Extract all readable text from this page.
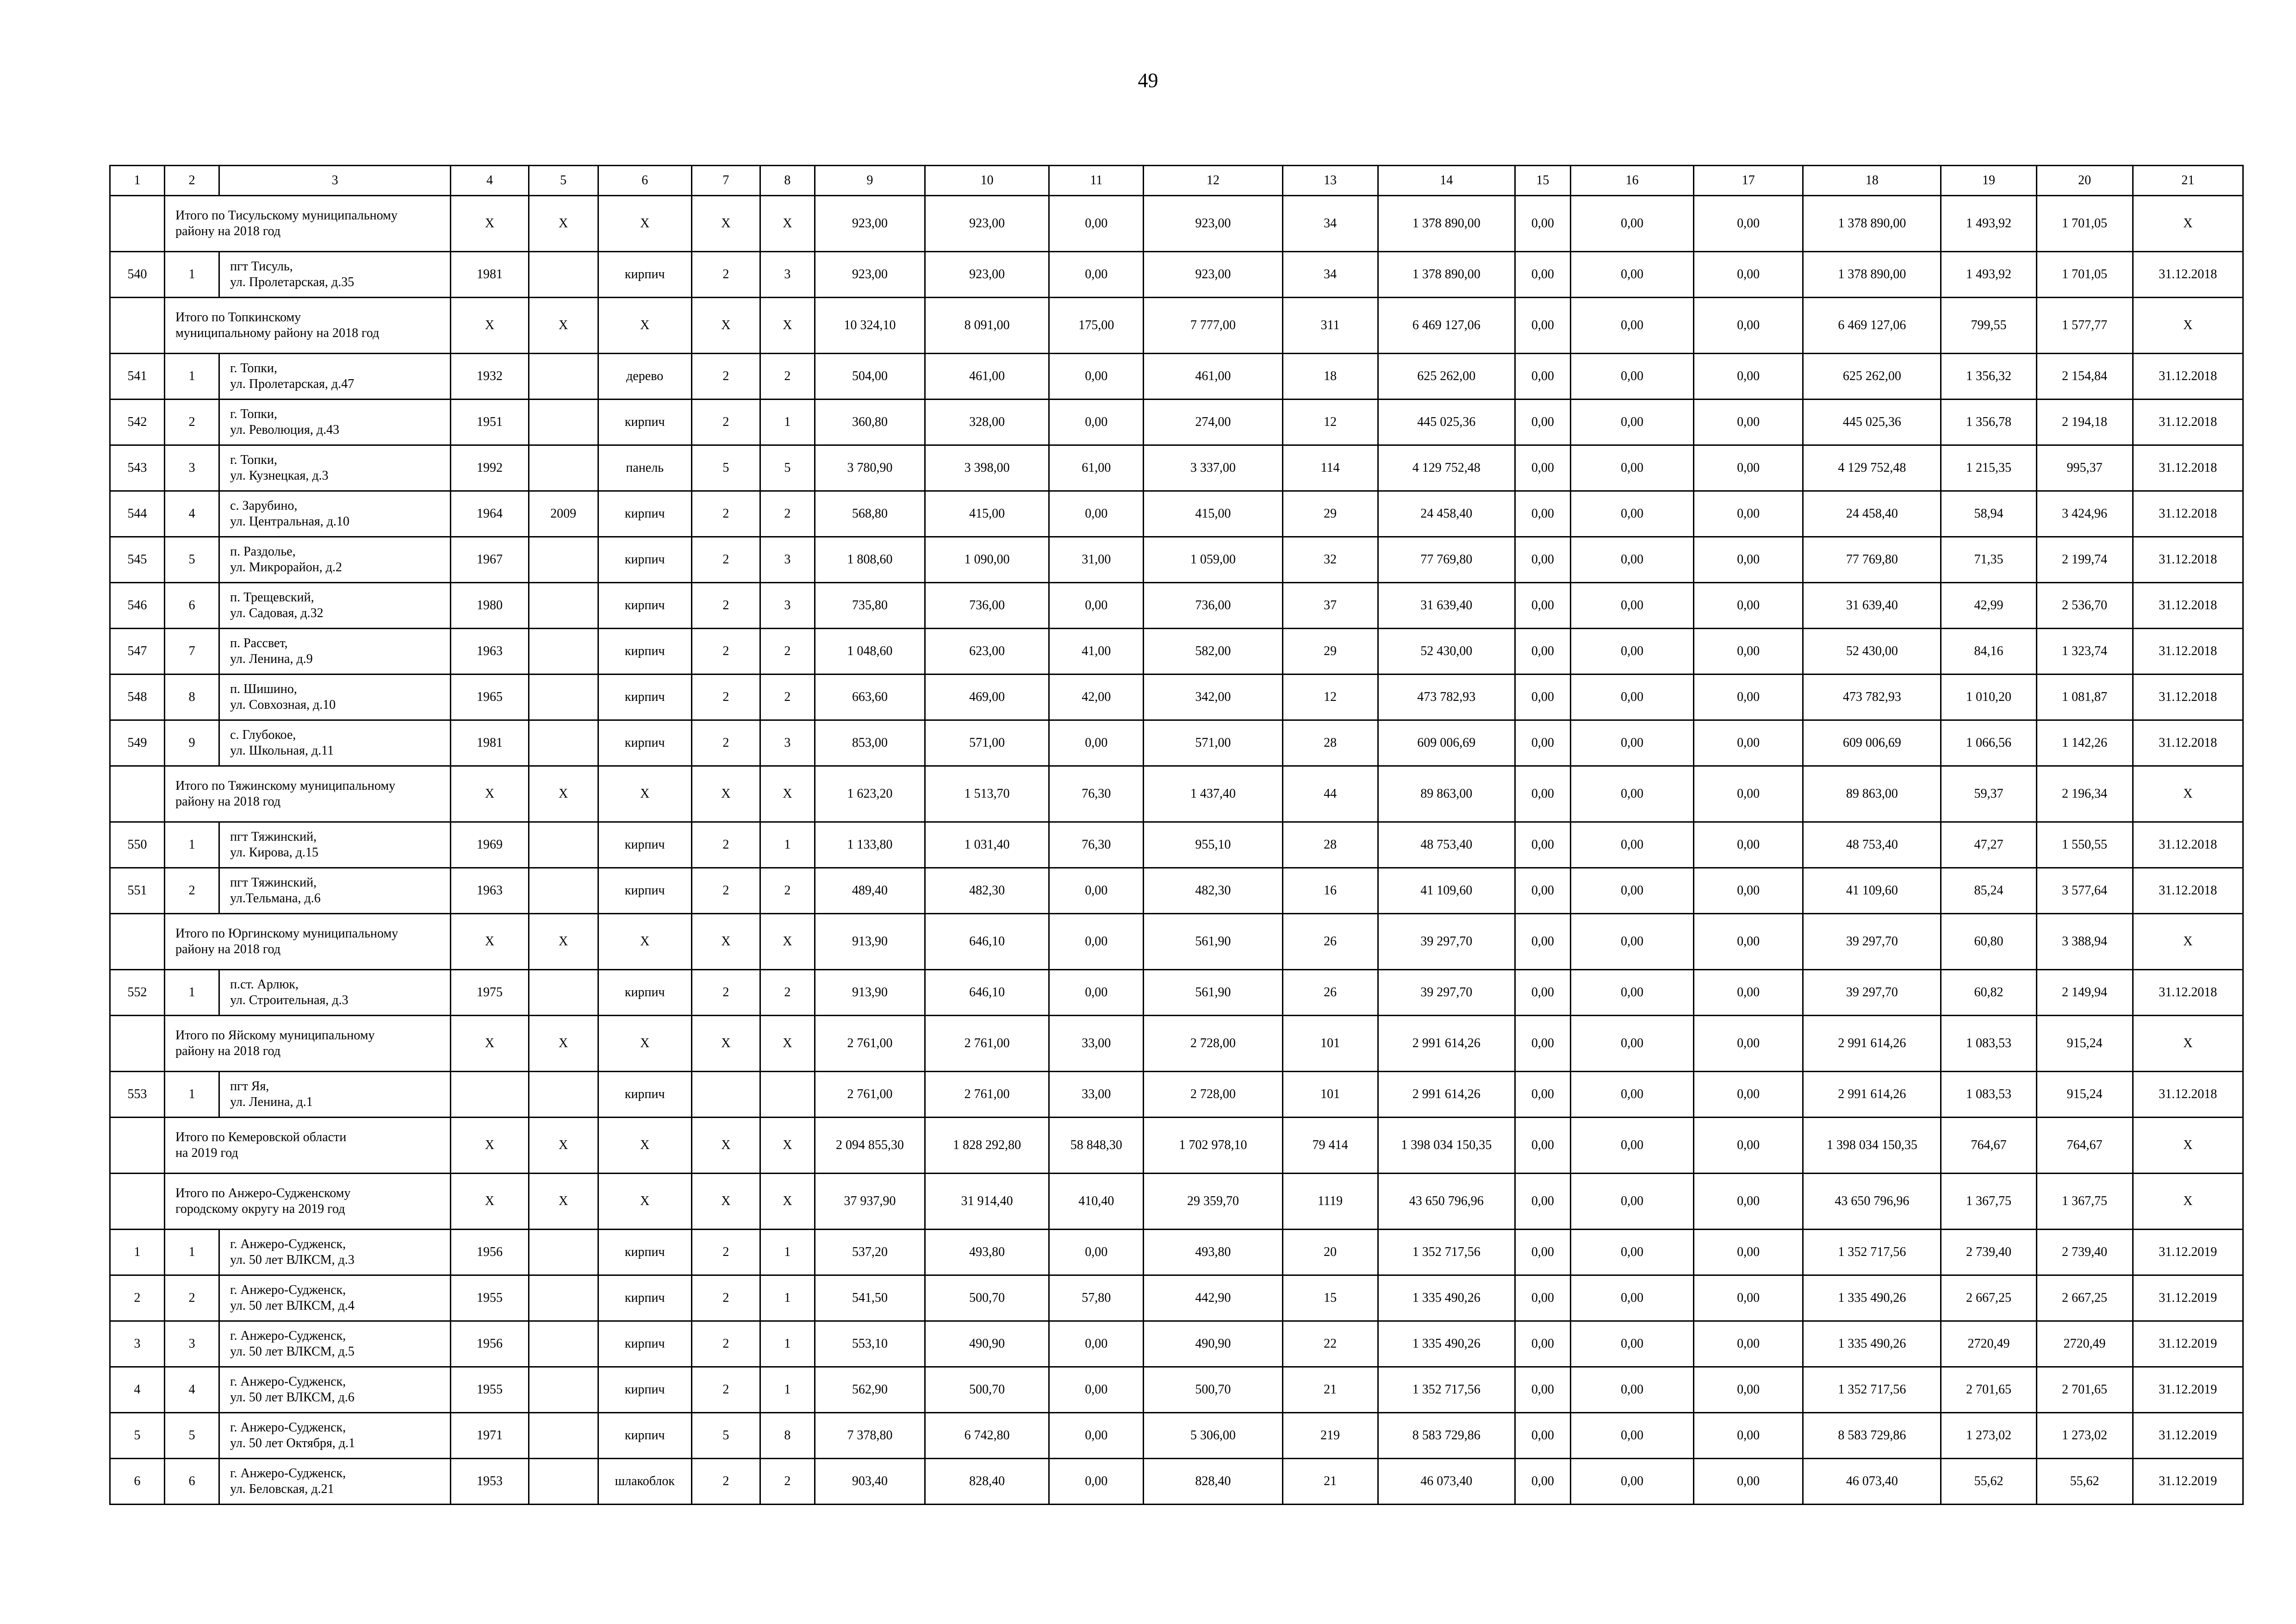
49
1	2	3	4	5	6	7	8	9	10	11	12	13	14	15	16	17	18	19	20	21
	Итого по Тисульскому муниципальному
району на 2018 год		X	X	X	X	X	923,00	923,00	0,00	923,00	34	1 378 890,00	0,00	0,00	0,00	1 378 890,00	1 493,92	1 701,05	X
540	1	пгт Тисуль,
ул. Пролетарская, д.35	1981		кирпич	2	3	923,00	923,00	0,00	923,00	34	1 378 890,00	0,00	0,00	0,00	1 378 890,00	1 493,92	1 701,05	31.12.2018
	Итого по Топкинскому
муниципальному району на 2018 год		X	X	X	X	X	10 324,10	8 091,00	175,00	7 777,00	311	6 469 127,06	0,00	0,00	0,00	6 469 127,06	799,55	1 577,77	X
541	1	г. Топки,
ул. Пролетарская, д.47	1932		дерево	2	2	504,00	461,00	0,00	461,00	18	625 262,00	0,00	0,00	0,00	625 262,00	1 356,32	2 154,84	31.12.2018
542	2	г. Топки,
ул. Революция, д.43	1951		кирпич	2	1	360,80	328,00	0,00	274,00	12	445 025,36	0,00	0,00	0,00	445 025,36	1 356,78	2 194,18	31.12.2018
543	3	г. Топки,
ул. Кузнецкая, д.3	1992		панель	5	5	3 780,90	3 398,00	61,00	3 337,00	114	4 129 752,48	0,00	0,00	0,00	4 129 752,48	1 215,35	995,37	31.12.2018
544	4	с. Зарубино,
ул. Центральная, д.10	1964	2009	кирпич	2	2	568,80	415,00	0,00	415,00	29	24 458,40	0,00	0,00	0,00	24 458,40	58,94	3 424,96	31.12.2018
545	5	п. Раздолье,
ул. Микрорайон, д.2	1967		кирпич	2	3	1 808,60	1 090,00	31,00	1 059,00	32	77 769,80	0,00	0,00	0,00	77 769,80	71,35	2 199,74	31.12.2018
546	6	п. Трещевский,
ул. Садовая, д.32	1980		кирпич	2	3	735,80	736,00	0,00	736,00	37	31 639,40	0,00	0,00	0,00	31 639,40	42,99	2 536,70	31.12.2018
547	7	п. Рассвет,
ул. Ленина, д.9	1963		кирпич	2	2	1 048,60	623,00	41,00	582,00	29	52 430,00	0,00	0,00	0,00	52 430,00	84,16	1 323,74	31.12.2018
548	8	п. Шишино,
ул. Совхозная, д.10	1965		кирпич	2	2	663,60	469,00	42,00	342,00	12	473 782,93	0,00	0,00	0,00	473 782,93	1 010,20	1 081,87	31.12.2018
549	9	с. Глубокое,
ул. Школьная, д.11	1981		кирпич	2	3	853,00	571,00	0,00	571,00	28	609 006,69	0,00	0,00	0,00	609 006,69	1 066,56	1 142,26	31.12.2018
	Итого по Тяжинскому муниципальному
району на 2018 год		X	X	X	X	X	1 623,20	1 513,70	76,30	1 437,40	44	89 863,00	0,00	0,00	0,00	89 863,00	59,37	2 196,34	X
550	1	пгт Тяжинский,
ул. Кирова, д.15	1969		кирпич	2	1	1 133,80	1 031,40	76,30	955,10	28	48 753,40	0,00	0,00	0,00	48 753,40	47,27	1 550,55	31.12.2018
551	2	пгт Тяжинский,
ул.Тельмана, д.6	1963		кирпич	2	2	489,40	482,30	0,00	482,30	16	41 109,60	0,00	0,00	0,00	41 109,60	85,24	3 577,64	31.12.2018
	Итого по Юргинскому муниципальному
району на 2018 год		X	X	X	X	X	913,90	646,10	0,00	561,90	26	39 297,70	0,00	0,00	0,00	39 297,70	60,80	3 388,94	X
552	1	п.ст. Арлюк,
ул. Строительная, д.3	1975		кирпич	2	2	913,90	646,10	0,00	561,90	26	39 297,70	0,00	0,00	0,00	39 297,70	60,82	2 149,94	31.12.2018
	Итого по Яйскому муниципальному
району на 2018 год		X	X	X	X	X	2 761,00	2 761,00	33,00	2 728,00	101	2 991 614,26	0,00	0,00	0,00	2 991 614,26	1 083,53	915,24	X
553	1	пгт Яя,
ул. Ленина, д.1			кирпич			2 761,00	2 761,00	33,00	2 728,00	101	2 991 614,26	0,00	0,00	0,00	2 991 614,26	1 083,53	915,24	31.12.2018
	Итого по Кемеровской области
на 2019 год		X	X	X	X	X	2 094 855,30	1 828 292,80	58 848,30	1 702 978,10	79 414	1 398 034 150,35	0,00	0,00	0,00	1 398 034 150,35	764,67	764,67	X
	Итого по Анжеро-Судженскому
городскому округу на 2019 год		X	X	X	X	X	37 937,90	31 914,40	410,40	29 359,70	1119	43 650 796,96	0,00	0,00	0,00	43 650 796,96	1 367,75	1 367,75	X
1	1	г. Анжеро-Судженск,
ул. 50 лет ВЛКСМ, д.3	1956		кирпич	2	1	537,20	493,80	0,00	493,80	20	1 352 717,56	0,00	0,00	0,00	1 352 717,56	2 739,40	2 739,40	31.12.2019
2	2	г. Анжеро-Судженск,
ул. 50 лет ВЛКСМ, д.4	1955		кирпич	2	1	541,50	500,70	57,80	442,90	15	1 335 490,26	0,00	0,00	0,00	1 335 490,26	2 667,25	2 667,25	31.12.2019
3	3	г. Анжеро-Судженск,
ул. 50 лет ВЛКСМ, д.5	1956		кирпич	2	1	553,10	490,90	0,00	490,90	22	1 335 490,26	0,00	0,00	0,00	1 335 490,26	2720,49	2720,49	31.12.2019
4	4	г. Анжеро-Судженск,
ул. 50 лет ВЛКСМ, д.6	1955		кирпич	2	1	562,90	500,70	0,00	500,70	21	1 352 717,56	0,00	0,00	0,00	1 352 717,56	2 701,65	2 701,65	31.12.2019
5	5	г. Анжеро-Судженск,
ул. 50 лет Октября, д.1	1971		кирпич	5	8	7 378,80	6 742,80	0,00	5 306,00	219	8 583 729,86	0,00	0,00	0,00	8 583 729,86	1 273,02	1 273,02	31.12.2019
6	6	г. Анжеро-Судженск,
ул. Беловская, д.21	1953		шлакоблок	2	2	903,40	828,40	0,00	828,40	21	46 073,40	0,00	0,00	0,00	46 073,40	55,62	55,62	31.12.2019
